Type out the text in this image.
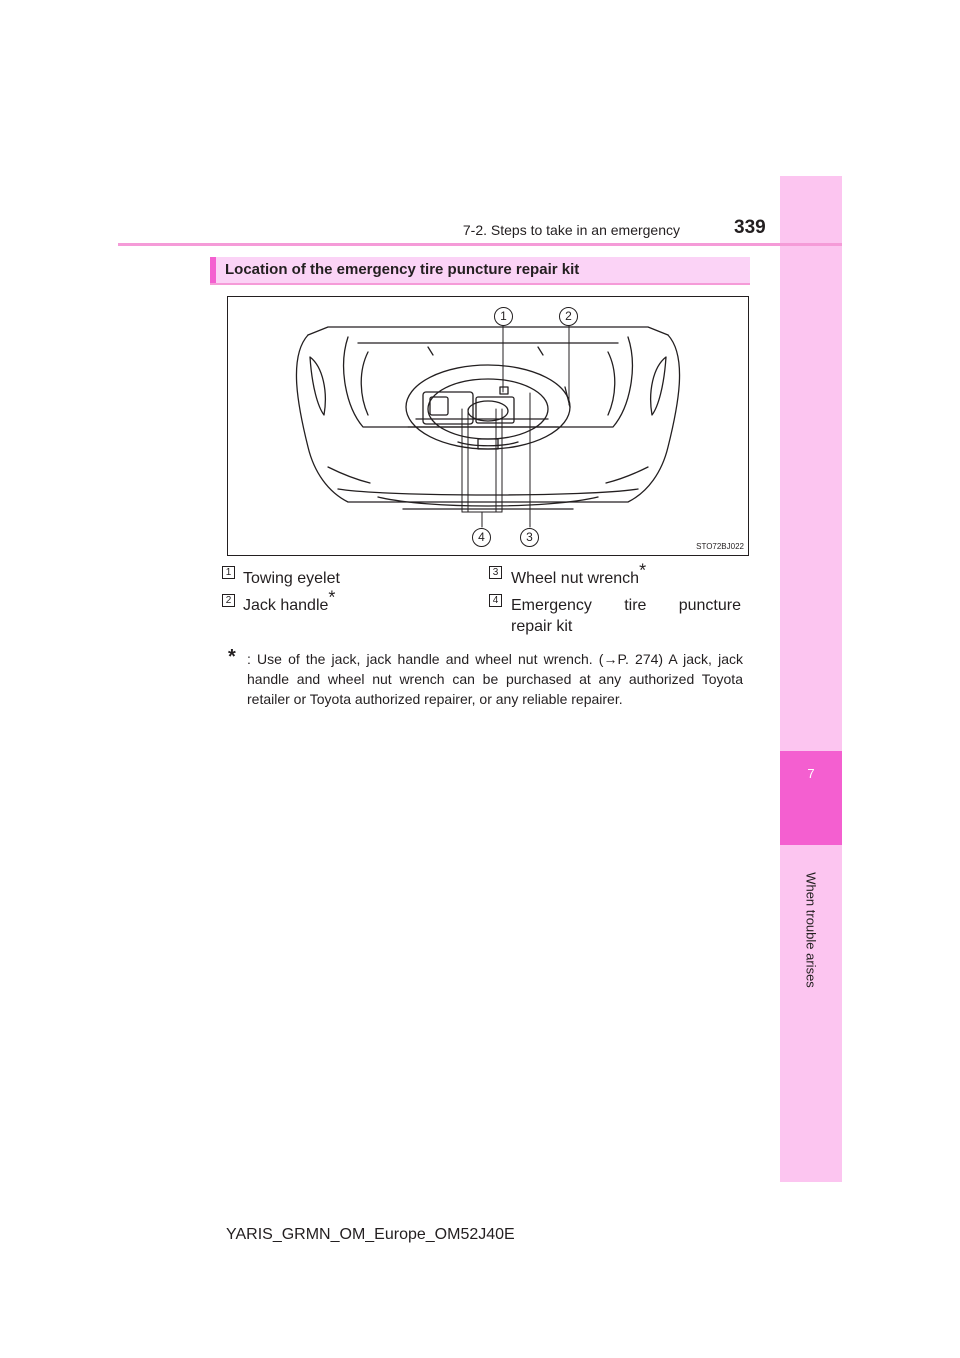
7
When trouble arises
7-2. Steps to take in an emergency	339
Location of the emergency tire puncture repair kit
1	2
3
4
STO72BJ022
1 Towing eyelet
2 Jack handle*
3 Wheel nut wrench*
4 Emergency tire puncture
repair kit
* : Use of the jack, jack handle and wheel nut wrench. (→P. 274) A jack, jack handle and wheel nut wrench can be purchased at any authorized Toyota retailer or Toyota authorized repairer, or any reliable repairer.
YARIS_GRMN_OM_Europe_OM52J40E
